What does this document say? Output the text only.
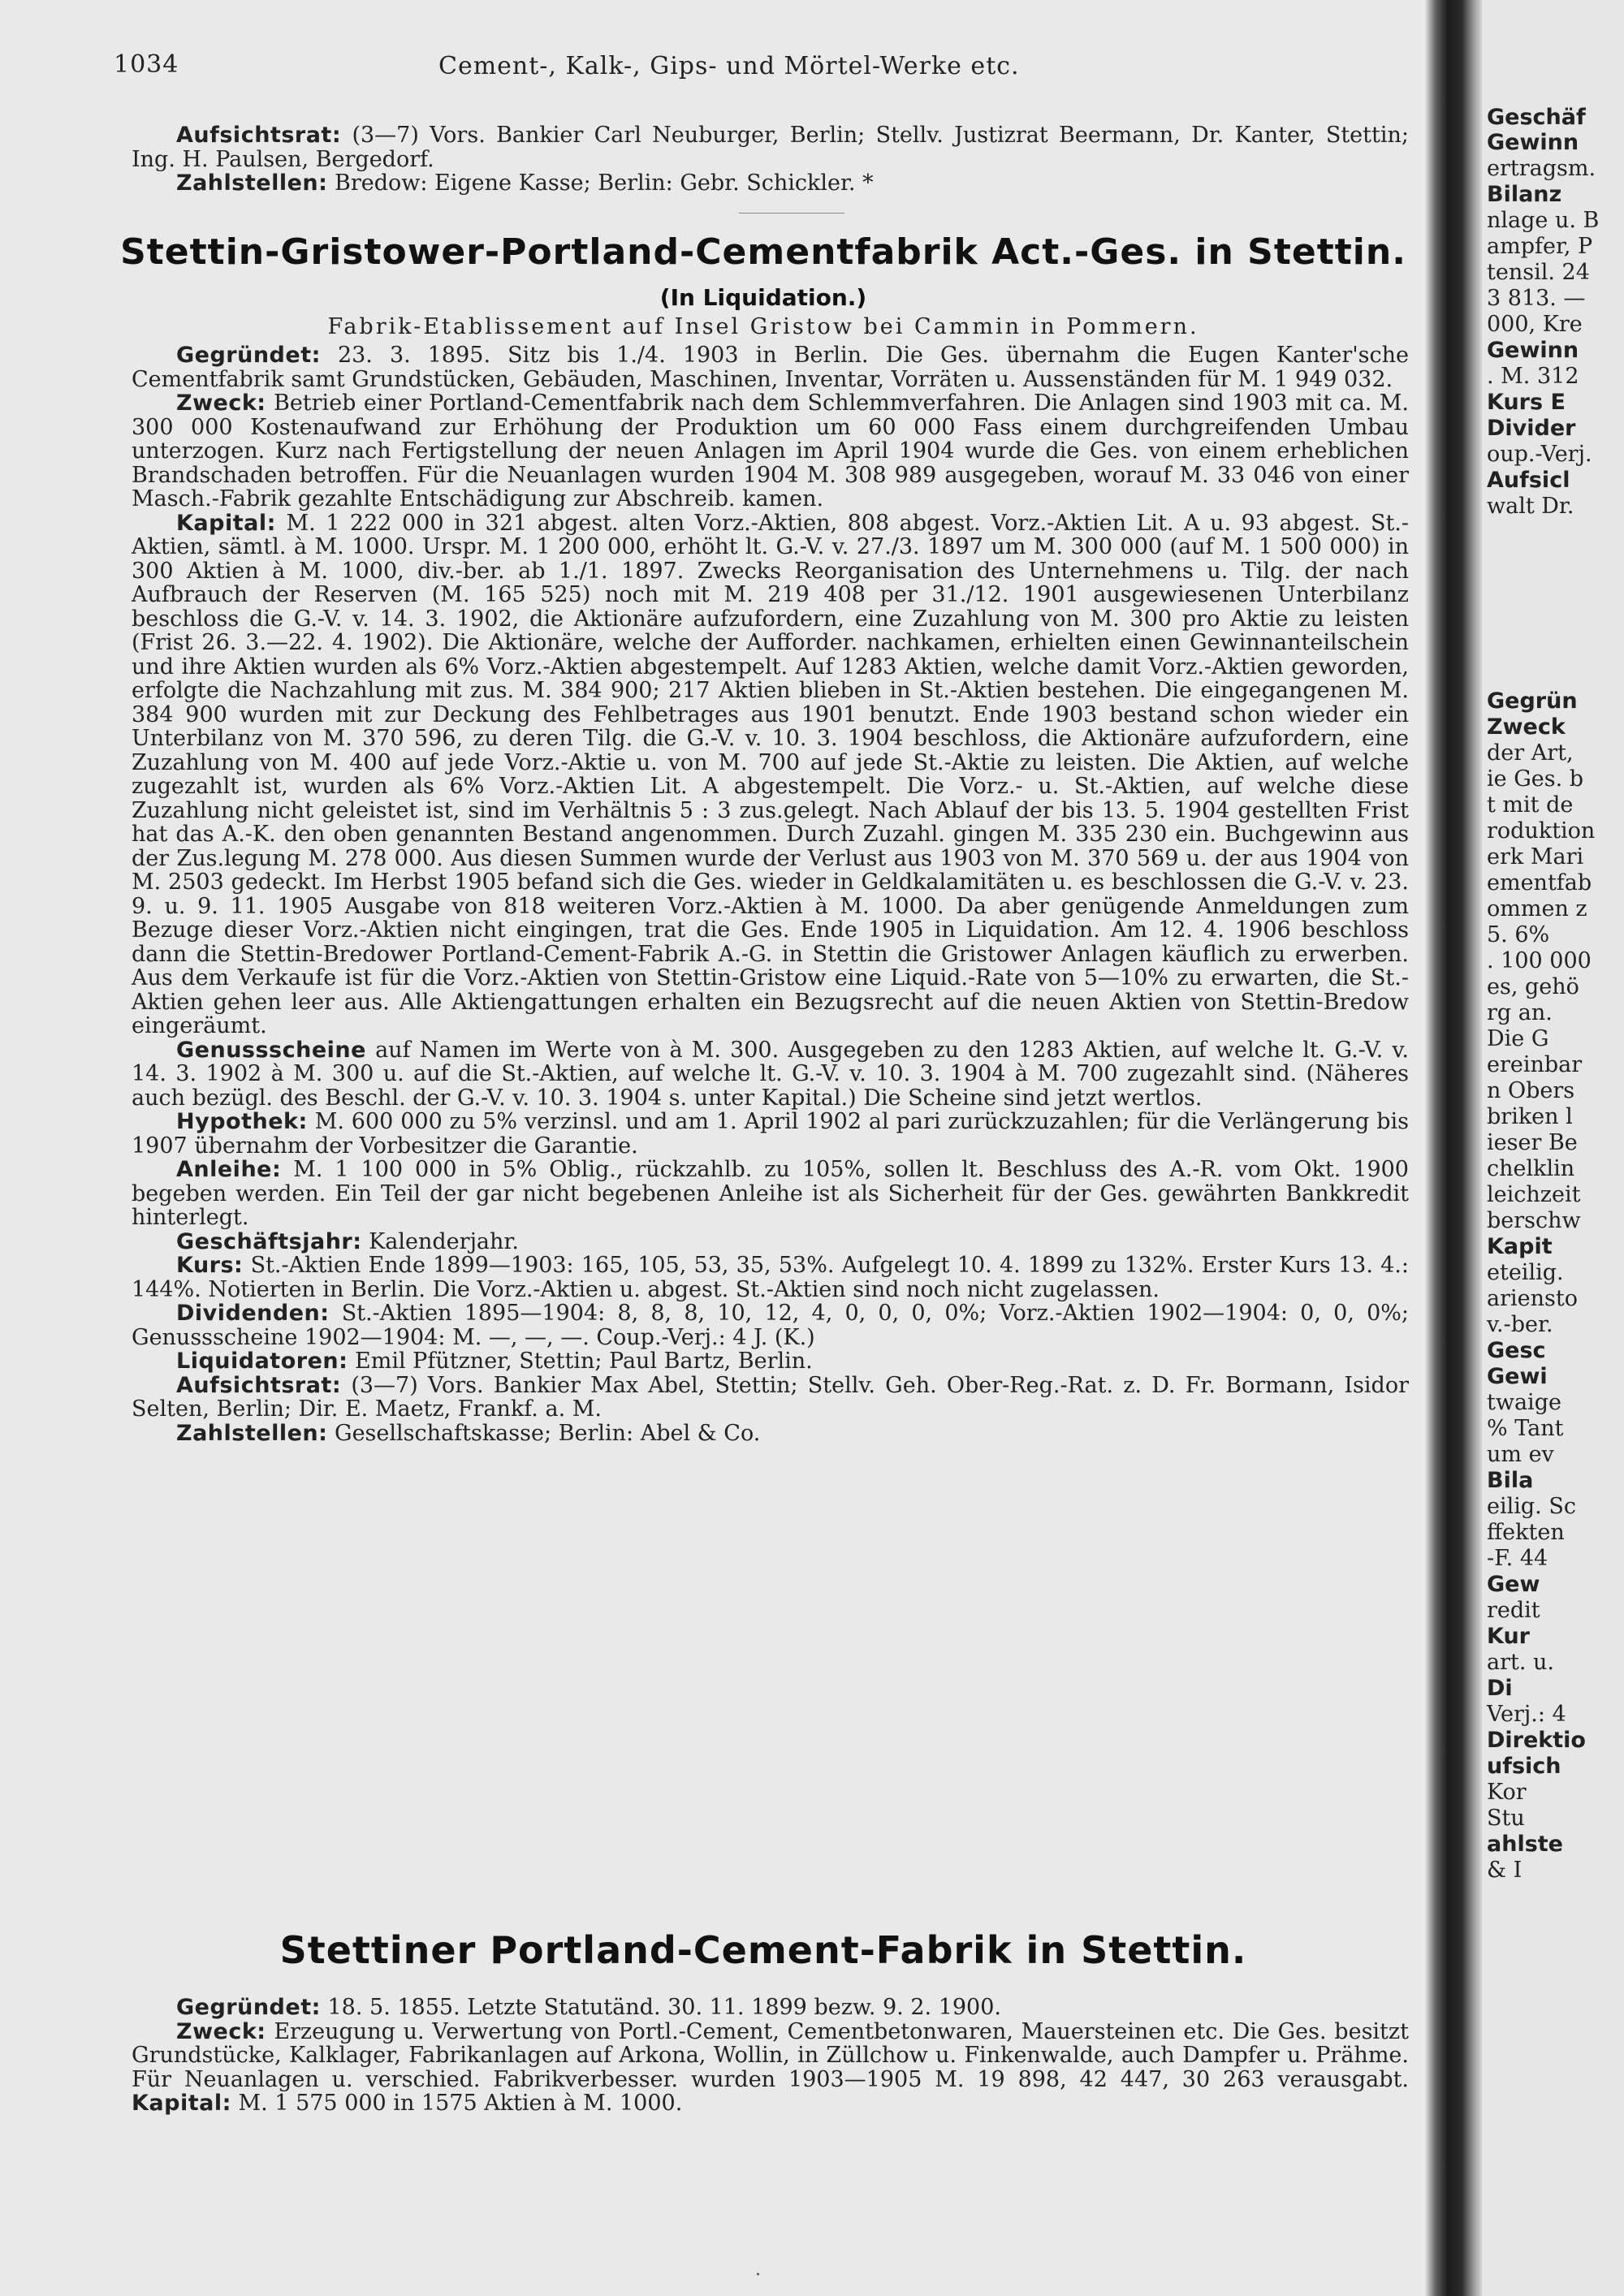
1034	Cement-, Kalk-, Gips- und Mörtel-Werke etc.

Aufsichtsrat: (3—7) Vors. Bankier Carl Neuburger, Berlin; Stellv. Justizrat Beermann, Dr. Kanter, Stettin; Ing. H. Paulsen, Bergedorf.

Zahlstellen: Bredow: Eigene Kasse; Berlin: Gebr. Schickler. *

Stettin-Gristower-Portland-Cementfabrik Act.-Ges. in Stettin.
(In Liquidation.)
Fabrik-Etablissement auf Insel Gristow bei Cammin in Pommern.

Gegründet: 23. 3. 1895. Sitz bis 1./4. 1903 in Berlin. Die Ges. übernahm die Eugen Kanter'sche Cementfabrik samt Grundstücken, Gebäuden, Maschinen, Inventar, Vorräten u. Aussenständen für M. 1 949 032.

Zweck: Betrieb einer Portland-Cementfabrik nach dem Schlemmverfahren. Die Anlagen sind 1903 mit ca. M. 300 000 Kostenaufwand zur Erhöhung der Produktion um 60 000 Fass einem durchgreifenden Umbau unterzogen. Kurz nach Fertigstellung der neuen Anlagen im April 1904 wurde die Ges. von einem erheblichen Brandschaden betroffen. Für die Neuanlagen wurden 1904 M. 308 989 ausgegeben, worauf M. 33 046 von einer Masch.-Fabrik gezahlte Entschädigung zur Abschreib. kamen.

Kapital: M. 1 222 000 in 321 abgest. alten Vorz.-Aktien, 808 abgest. Vorz.-Aktien Lit. A u. 93 abgest. St.-Aktien, sämtl. à M. 1000. Urspr. M. 1 200 000, erhöht lt. G.-V. v. 27./3. 1897 um M. 300 000 (auf M. 1 500 000) in 300 Aktien à M. 1000, div.-ber. ab 1./1. 1897. Zwecks Reorganisation des Unternehmens u. Tilg. der nach Aufbrauch der Reserven (M. 165 525) noch mit M. 219 408 per 31./12. 1901 ausgewiesenen Unterbilanz beschloss die G.-V. v. 14. 3. 1902, die Aktionäre aufzufordern, eine Zuzahlung von M. 300 pro Aktie zu leisten (Frist 26. 3.—22. 4. 1902). Die Aktionäre, welche der Aufforder. nachkamen, erhielten einen Gewinnanteilschein und ihre Aktien wurden als 6% Vorz.-Aktien abgestempelt. Auf 1283 Aktien, welche damit Vorz.-Aktien geworden, erfolgte die Nachzahlung mit zus. M. 384 900; 217 Aktien blieben in St.-Aktien bestehen. Die eingegangenen M. 384 900 wurden mit zur Deckung des Fehlbetrages aus 1901 benutzt. Ende 1903 bestand schon wieder ein Unterbilanz von M. 370 596, zu deren Tilg. die G.-V. v. 10. 3. 1904 beschloss, die Aktionäre aufzufordern, eine Zuzahlung von M. 400 auf jede Vorz.-Aktie u. von M. 700 auf jede St.-Aktie zu leisten. Die Aktien, auf welche zugezahlt ist, wurden als 6% Vorz.-Aktien Lit. A abgestempelt. Die Vorz.- u. St.-Aktien, auf welche diese Zuzahlung nicht geleistet ist, sind im Verhältnis 5 : 3 zus.gelegt. Nach Ablauf der bis 13. 5. 1904 gestellten Frist hat das A.-K. den oben genannten Bestand angenommen. Durch Zuzahl. gingen M. 335 230 ein. Buchgewinn aus der Zus.legung M. 278 000. Aus diesen Summen wurde der Verlust aus 1903 von M. 370 569 u. der aus 1904 von M. 2503 gedeckt. Im Herbst 1905 befand sich die Ges. wieder in Geldkalamitäten u. es beschlossen die G.-V. v. 23. 9. u. 9. 11. 1905 Ausgabe von 818 weiteren Vorz.-Aktien à M. 1000. Da aber genügende Anmeldungen zum Bezuge dieser Vorz.-Aktien nicht eingingen, trat die Ges. Ende 1905 in Liquidation. Am 12. 4. 1906 beschloss dann die Stettin-Bredower Portland-Cement-Fabrik A.-G. in Stettin die Gristower Anlagen käuflich zu erwerben. Aus dem Verkaufe ist für die Vorz.-Aktien von Stettin-Gristow eine Liquid.-Rate von 5—10% zu erwarten, die St.-Aktien gehen leer aus. Alle Aktiengattungen erhalten ein Bezugsrecht auf die neuen Aktien von Stettin-Bredow eingeräumt.

Genussscheine auf Namen im Werte von à M. 300. Ausgegeben zu den 1283 Aktien, auf welche lt. G.-V. v. 14. 3. 1902 à M. 300 u. auf die St.-Aktien, auf welche lt. G.-V. v. 10. 3. 1904 à M. 700 zugezahlt sind. (Näheres auch bezügl. des Beschl. der G.-V. v. 10. 3. 1904 s. unter Kapital.) Die Scheine sind jetzt wertlos.

Hypothek: M. 600 000 zu 5% verzinsl. und am 1. April 1902 al pari zurückzuzahlen; für die Verlängerung bis 1907 übernahm der Vorbesitzer die Garantie.

Anleihe: M. 1 100 000 in 5% Oblig., rückzahlb. zu 105%, sollen lt. Beschluss des A.-R. vom Okt. 1900 begeben werden. Ein Teil der gar nicht begebenen Anleihe ist als Sicherheit für der Ges. gewährten Bankkredit hinterlegt.

Geschäftsjahr: Kalenderjahr.

Kurs: St.-Aktien Ende 1899—1903: 165, 105, 53, 35, 53%. Aufgelegt 10. 4. 1899 zu 132%. Erster Kurs 13. 4.: 144%. Notierten in Berlin. Die Vorz.-Aktien u. abgest. St.-Aktien sind noch nicht zugelassen.

Dividenden: St.-Aktien 1895—1904: 8, 8, 8, 10, 12, 4, 0, 0, 0, 0%; Vorz.-Aktien 1902—1904: 0, 0, 0%; Genussscheine 1902—1904: M. —, —, —. Coup.-Verj.: 4 J. (K.)

Liquidatoren: Emil Pfützner, Stettin; Paul Bartz, Berlin.

Aufsichtsrat: (3—7) Vors. Bankier Max Abel, Stettin; Stellv. Geh. Ober-Reg.-Rat. z. D. Fr. Bormann, Isidor Selten, Berlin; Dir. E. Maetz, Frankf. a. M.

Zahlstellen: Gesellschaftskasse; Berlin: Abel & Co.

Stettiner Portland-Cement-Fabrik in Stettin.

Gegründet: 18. 5. 1855. Letzte Statutänd. 30. 11. 1899 bezw. 9. 2. 1900.

Zweck: Erzeugung u. Verwertung von Portl.-Cement, Cementbetonwaren, Mauersteinen etc. Die Ges. besitzt Grundstücke, Kalklager, Fabrikanlagen auf Arkona, Wollin, in Züllchow u. Finkenwalde, auch Dampfer u. Prähme. Für Neuanlagen u. verschied. Fabrikverbesser. wurden 1903—1905 M. 19 898, 42 447, 30 263 verausgabt. Kapital: M. 1 575 000 in 1575 Aktien à M. 1000.

·
Geschäf
Gewinn
ertragsm.
Bilanz
nlage u. B
ampfer, P
tensil. 24
3 813. —
000, Kre
Gewinn
. M. 312
Kurs E
Divider
oup.-Verj.
Aufsicl
walt Dr.
Gegrün
Zweck
der Art,
ie Ges. b
t mit de
roduktion
erk Mari
ementfab
ommen z
5. 6%
. 100 000
es, gehö
rg an.
Die G
ereinbar
n Obers
briken l
ieser Be
chelklin
leichzeit
berschw
Kapit
eteilig.
ariensto
v.-ber.
Gesc
Gewi
twaige
% Tant
um ev
Bila
eilig. Sc
ffekten
-F. 44
Gew
redit
Kur
art. u.
Di
Verj.: 4
Direktio
ufsich
Kor
Stu
ahlste
& I
